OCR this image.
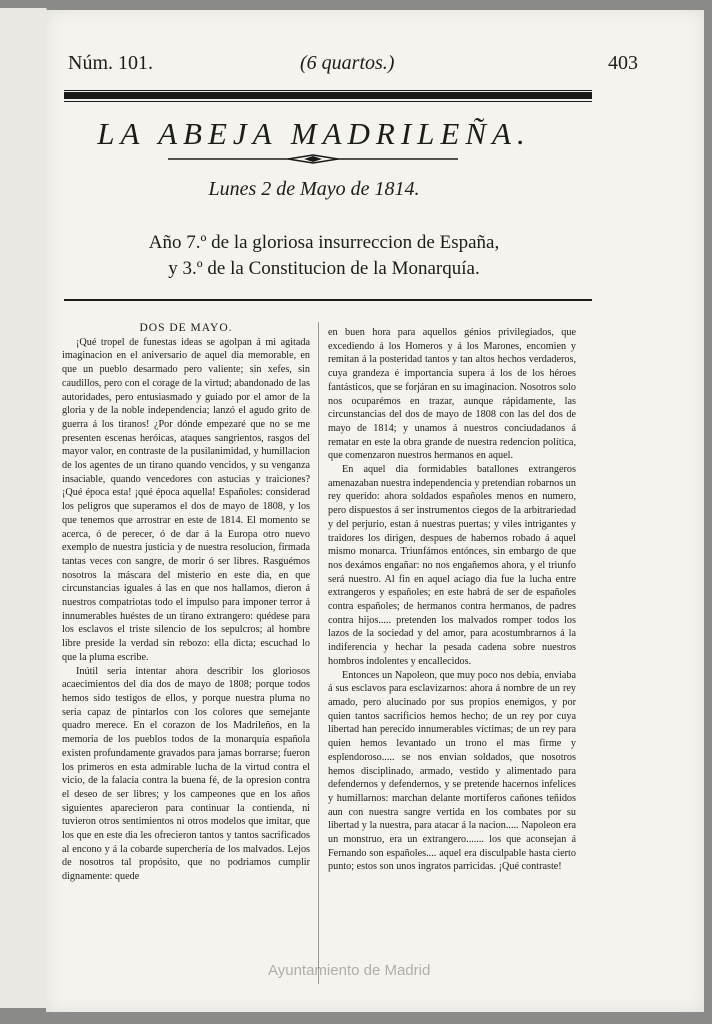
Núm. 101.	(6 quartos.)	403
LA ABEJA MADRILEÑA.
Lunes 2 de Mayo de 1814.
Año 7.º de la gloriosa insurreccion de España,
y 3.º de la Constitucion de la Monarquía.

DOS DE MAYO.

¡Qué tropel de funestas ideas se agolpan á mi agitada imaginacion en el aniversario de aquel dia memorable, en que un pueblo desarmado pero valiente; sin xefes, sin caudillos, pero con el corage de la virtud; abandonado de las autoridades, pero entusiasmado y guiado por el amor de la gloria y de la noble independencia; lanzó el agudo grito de guerra á los tiranos! ¿Por dónde empezaré que no se me presenten escenas heróicas, ataques sangrientos, rasgos del mayor valor, en contraste de la pusilanimidad, y humillacion de los agentes de un tirano quando vencidos, y su venganza insaciable, quando vencedores con astucias y traiciones? ¡Qué época esta! ¡qué época aquella! Españoles: considerad los peligros que superamos el dos de mayo de 1808, y los que tenemos que arrostrar en este de 1814. El momento se acerca, ó de perecer, ó de dar á la Europa otro nuevo exemplo de nuestra justicia y de nuestra resolucion, firmada tantas veces con sangre, de morir ó ser libres. Rasguémos nosotros la máscara del misterio en este dia, en que circunstancias iguales á las en que nos hallamos, dieron á nuestros compatriotas todo el impulso para imponer terror á innumerables huéstes de un tirano extrangero: quédese para los esclavos el triste silencio de los sepulcros; al hombre libre preside la verdad sin rebozo: ella dicta; escuchad lo que la pluma escribe.

Inútil seria intentar ahora describir los gloriosos acaecimientos del dia dos de mayo de 1808; porque todos hemos sido testigos de ellos, y porque nuestra pluma no seria capaz de pintarlos con los colores que semejante quadro merece. En el corazon de los Madrileños, en la memoria de los pueblos todos de la monarquía española existen profundamente gravados para jamas borrarse; fueron los primeros en esta admirable lucha de la virtud contra el vicio, de la falacia contra la buena fé, de la opresion contra el deseo de ser libres; y los campeones que en los años siguientes aparecieron para continuar la contienda, ni tuvieron otros sentimientos ni otros modelos que imitar, que los que en este dia les ofrecieron tantos y tantos sacrificados al encono y á la cobarde superchería de los malvados. Lejos de nosotros tal propósito, que no podriamos cumplir dignamente: quede

en buen hora para aquellos génios privilegiados, que excediendo á los Homeros y á los Marones, encomien y remitan á la posteridad tantos y tan altos hechos verdaderos, cuya grandeza é importancia supera á los de los héroes fantásticos, que se forjáran en su imaginacion. Nosotros solo nos ocuparémos en trazar, aunque rápidamente, las circunstancias del dos de mayo de 1808 con las del dos de mayo de 1814; y unamos á nuestros conciudadanos á rematar en este la obra grande de nuestra redencion política, que comenzaron nuestros hermanos en aquel.

En aquel dia formidables batallones extrangeros amenazaban nuestra independencia y pretendian robarnos un rey querido: ahora soldados españoles menos en numero, pero dispuestos á ser instrumentos ciegos de la arbitrariedad y del perjurio, estan á nuestras puertas; y viles intrigantes y traidores los dirigen, despues de habernos robado á aquel mismo monarca. Triunfámos entónces, sin embargo de que nos dexámos engañar: no nos engañemos ahora, y el triunfo será nuestro. Al fin en aquel aciago dia fue la lucha entre extrangeros y españoles; en este habrá de ser de españoles contra españoles; de hermanos contra hermanos, de padres contra hijos..... pretenden los malvados romper todos los lazos de la sociedad y del amor, para acostumbrarnos á la indiferencia y hechar la pesada cadena sobre nuestros hombros indolentes y encallecidos.

Entonces un Napoleon, que muy poco nos debia, enviaba á sus esclavos para esclavizarnos: ahora á nombre de un rey amado, pero alucinado por sus propios enemigos, y por quien tantos sacrificios hemos hecho; de un rey por cuya libertad han perecido innumerables víctimas; de un rey para quien hemos levantado un trono el mas firme y esplendoroso..... se nos envian soldados, que nosotros hemos disciplinado, armado, vestido y alimentado para defendernos y defendernos, y se pretende hacernos infelices y humillarnos: marchan delante mortíferos cañones teñidos aun con nuestra sangre vertida en los combates por su libertad y la nuestra, para atacar á la nacion..... Napoleon era un monstruo, era un extrangero....... los que aconsejan á Fernando son españoles.... aquel era disculpable hasta cierto punto; estos son unos ingratos parricidas. ¡Qué contraste!

Ayuntamiento de Madrid
